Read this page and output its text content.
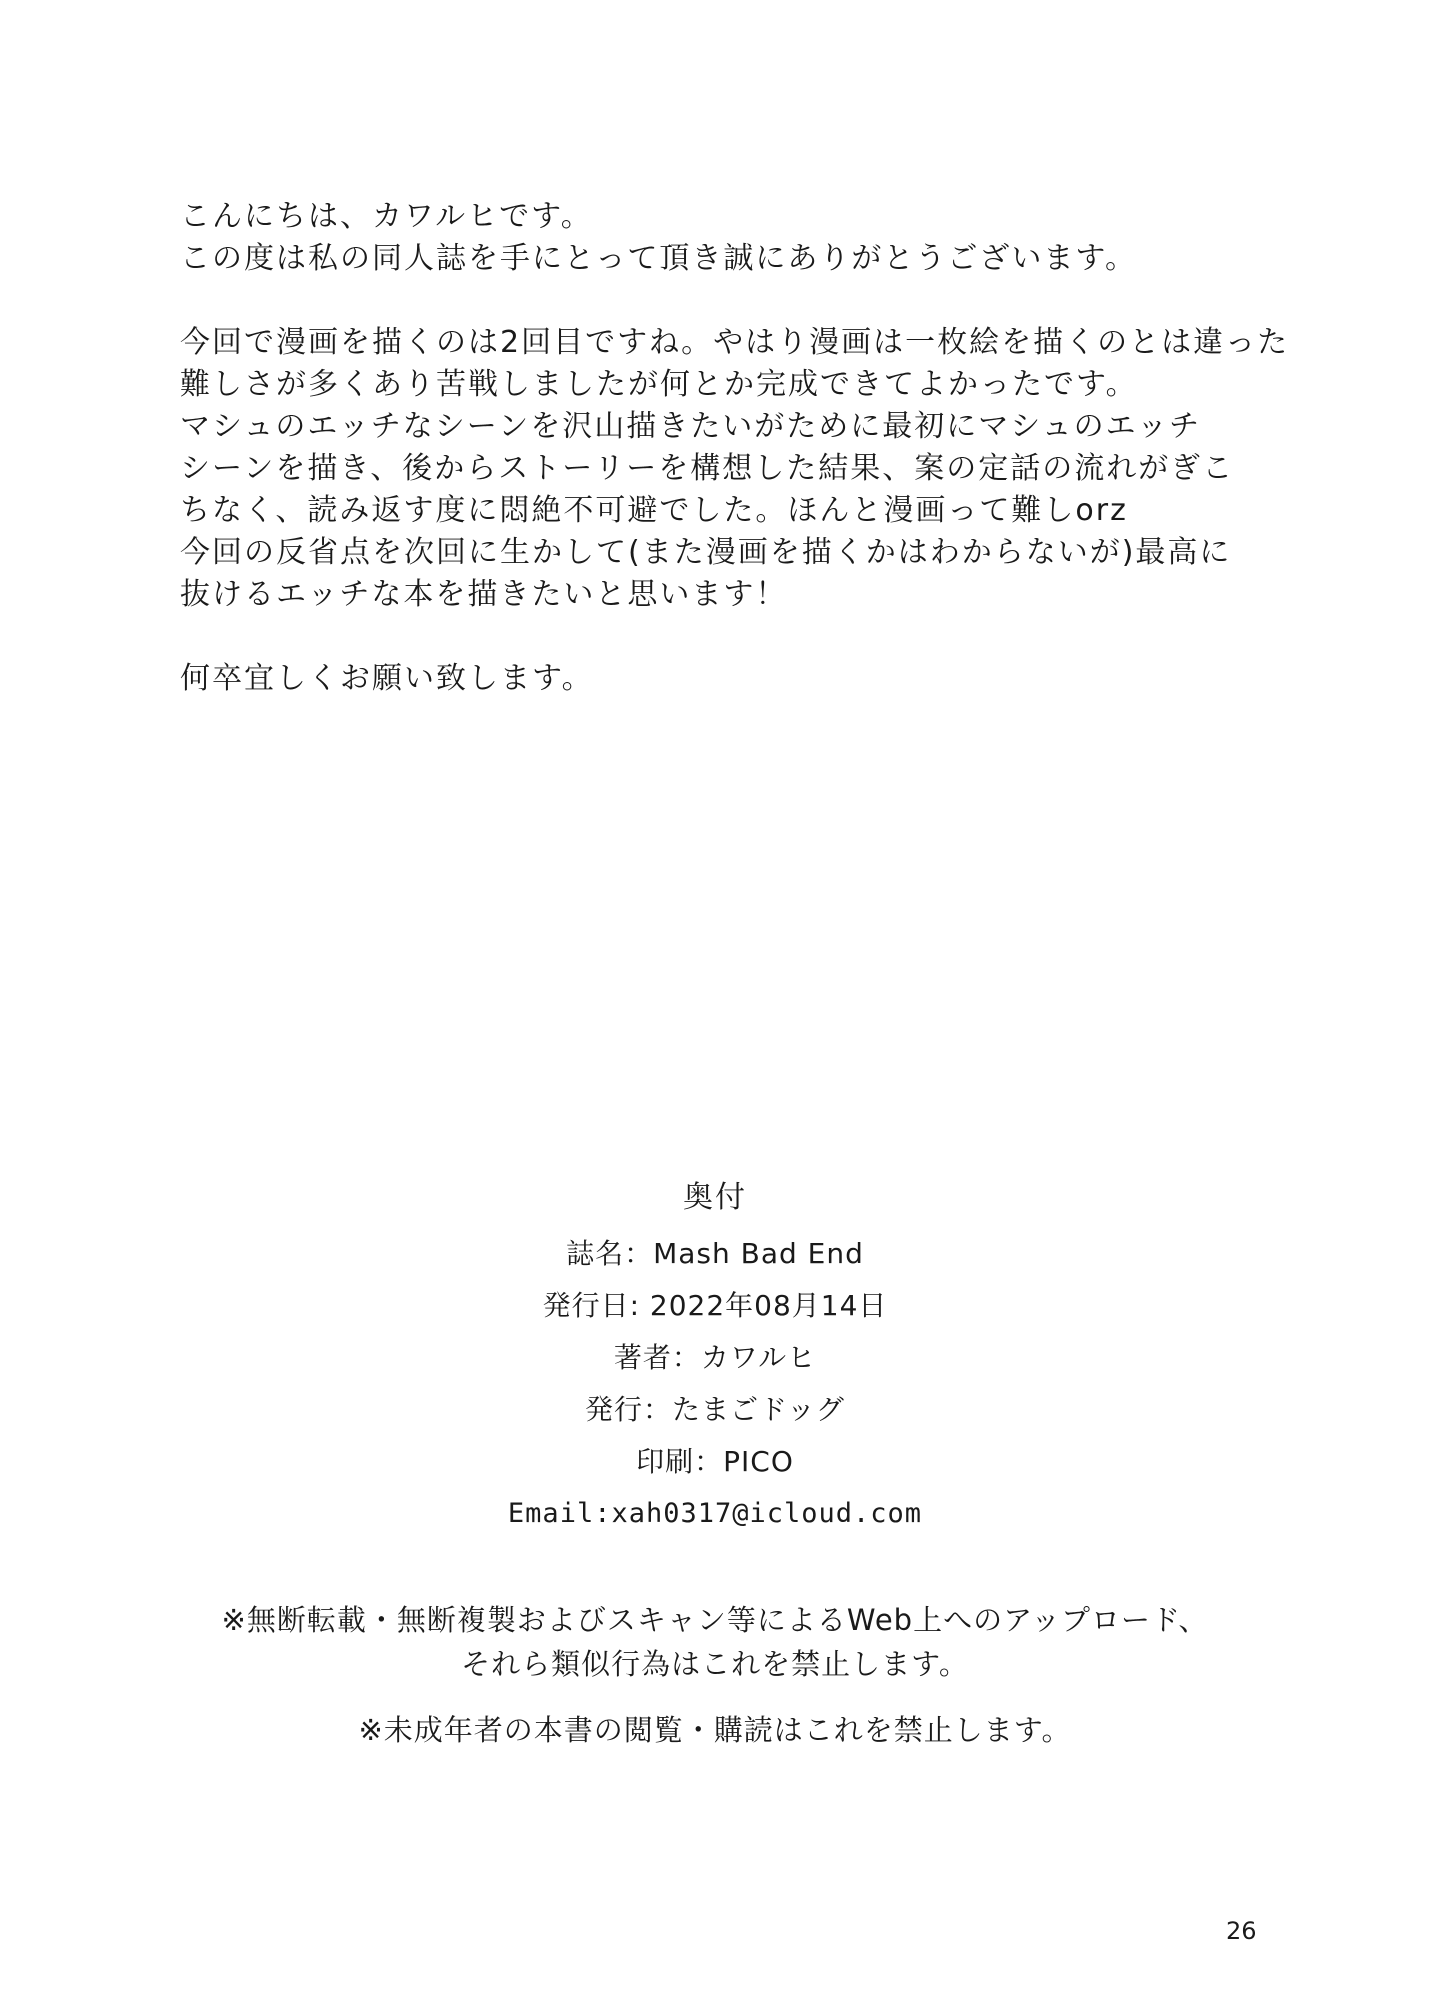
こんにちは、カワルヒです。
この度は私の同人誌を手にとって頂き誠にありがとうございます。

今回で漫画を描くのは2回目ですね。やはり漫画は一枚絵を描くのとは違った
難しさが多くあり苦戦しましたが何とか完成できてよかったです。
マシュのエッチなシーンを沢山描きたいがために最初にマシュのエッチ
シーンを描き、後からストーリーを構想した結果、案の定話の流れがぎこ
ちなく、読み返す度に悶絶不可避でした。ほんと漫画って難しorz
今回の反省点を次回に生かして(また漫画を描くかはわからないが)最高に
抜けるエッチな本を描きたいと思います！

何卒宜しくお願い致します。

奥付
誌名：Mash Bad End
発行日: 2022年08月14日
著者：カワルヒ
発行：たまごドッグ
印刷：PICO
Email:xah0317@icloud.com
※無断転載・無断複製およびスキャン等によるWeb上へのアップロード、
それら類似行為はこれを禁止します。
※未成年者の本書の閲覧・購読はこれを禁止します。
26
